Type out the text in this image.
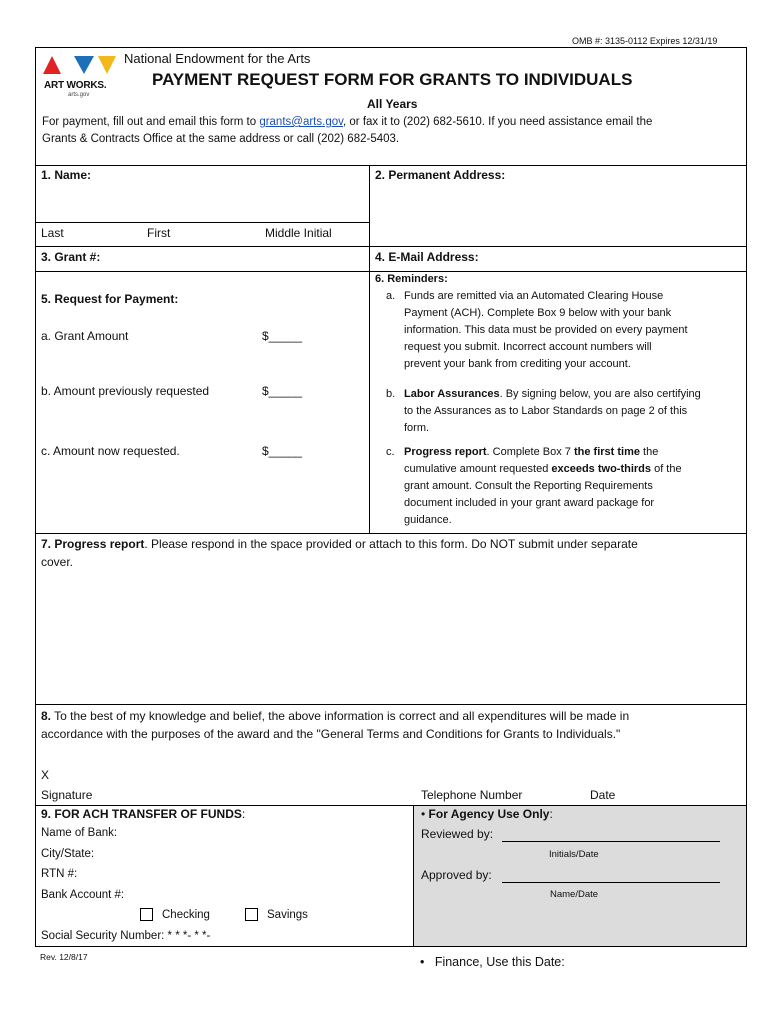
OMB #: 3135-0112 Expires 12/31/19
ART WORKS.
arts.gov
National Endowment for the Arts
PAYMENT REQUEST FORM FOR GRANTS TO INDIVIDUALS
All Years
For payment, fill out and email this form to grants@arts.gov, or fax it to (202) 682-5610. If you need assistance email the
Grants & Contracts Office at the same address or call (202) 682-5403.
1. Name:
Last	First	Middle Initial
2. Permanent Address:
3. Grant #:	4. E-Mail Address:
5. Request for Payment:
a. Grant Amount	$_____
b. Amount previously requested	$_____
c. Amount now requested.	$_____
6. Reminders:
a. Funds are remitted via an Automated Clearing House
Payment (ACH). Complete Box 9 below with your bank
information. This data must be provided on every payment
request you submit. Incorrect account numbers will
prevent your bank from crediting your account.
b. Labor Assurances. By signing below, you are also certifying
to the Assurances as to Labor Standards on page 2 of this
form.
c. Progress report. Complete Box 7 the first time the
cumulative amount requested exceeds two-thirds of the
grant amount. Consult the Reporting Requirements
document included in your grant award package for
guidance.
7. Progress report. Please respond in the space provided or attach to this form. Do NOT submit under separate
cover.
8. To the best of my knowledge and belief, the above information is correct and all expenditures will be made in
accordance with the purposes of the award and the "General Terms and Conditions for Grants to Individuals."
X
Signature	Telephone Number	Date
9. FOR ACH TRANSFER OF FUNDS:
Name of Bank:
City/State:
RTN #:
Bank Account #:
Checking	Savings
Social Security Number: * * *- * *-
• For Agency Use Only:
Reviewed by:
Initials/Date
Approved by:
Name/Date
Rev. 12/8/17	• Finance, Use this Date:
